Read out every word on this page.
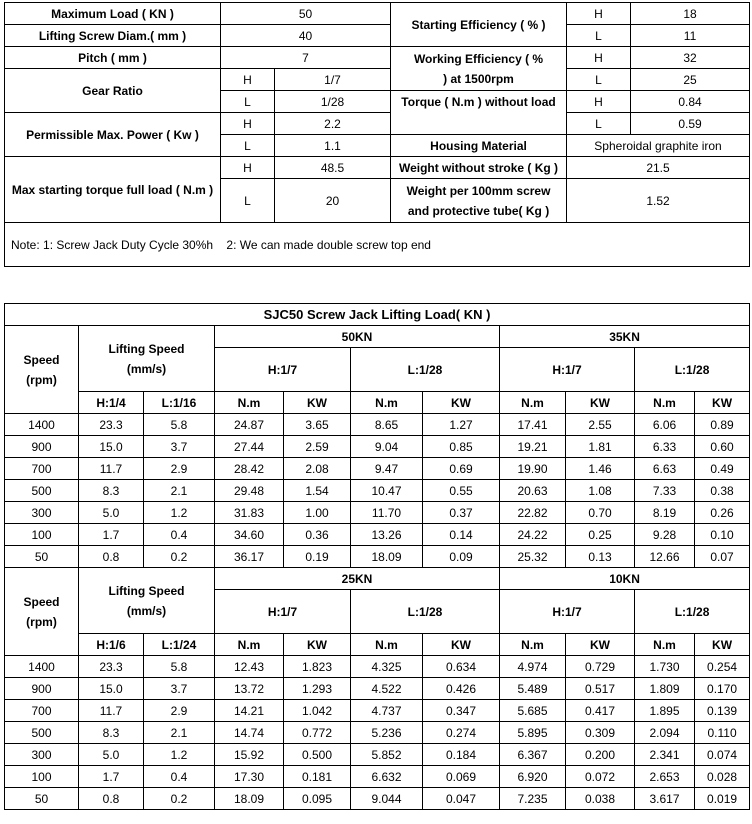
Maximum Load ( KN )	50		Starting Efficiency ( % )	H	18
Lifting Screw Diam.( mm )	40			L	11
Pitch ( mm )	7		Working Efficiency ( % ) at 1500rpm	H	32
Gear Ratio	H	1/7		L	25
	L	1/28	Torque ( N.m ) without load	H	0.84
Permissible Max. Power ( Kw )	H	2.2		L	0.59
	L	1.1	Housing Material	Spheroidal graphite iron	
Max starting torque full load ( N.m )	H	48.5	Weight without stroke ( Kg )	21.5	
	L	20	Weight per 100mm screw and protective tube( Kg )	1.52	

Note: 1: Screw Jack Duty Cycle 30%h    2: We can made double screw top end					
SJC50 Screw Jack Lifting Load( KN )										
Speed (rpm)	Lifting Speed (mm/s)		50KN				35KN			
			H:1/7		L:1/28		H:1/7		L:1/28	
	H:1/4	L:1/16	N.m	KW	N.m	KW	N.m	KW	N.m	KW
1400	23.3	5.8	24.87	3.65	8.65	1.27	17.41	2.55	6.06	0.89
900	15.0	3.7	27.44	2.59	9.04	0.85	19.21	1.81	6.33	0.60
700	11.7	2.9	28.42	2.08	9.47	0.69	19.90	1.46	6.63	0.49
500	8.3	2.1	29.48	1.54	10.47	0.55	20.63	1.08	7.33	0.38
300	5.0	1.2	31.83	1.00	11.70	0.37	22.82	0.70	8.19	0.26
100	1.7	0.4	34.60	0.36	13.26	0.14	24.22	0.25	9.28	0.10
50	0.8	0.2	36.17	0.19	18.09	0.09	25.32	0.13	12.66	0.07
Speed (rpm)	Lifting Speed (mm/s)		25KN				10KN			
			H:1/7		L:1/28		H:1/7		L:1/28	
	H:1/6	L:1/24	N.m	KW	N.m	KW	N.m	KW	N.m	KW
1400	23.3	5.8	12.43	1.823	4.325	0.634	4.974	0.729	1.730	0.254
900	15.0	3.7	13.72	1.293	4.522	0.426	5.489	0.517	1.809	0.170
700	11.7	2.9	14.21	1.042	4.737	0.347	5.685	0.417	1.895	0.139
500	8.3	2.1	14.74	0.772	5.236	0.274	5.895	0.309	2.094	0.110
300	5.0	1.2	15.92	0.500	5.852	0.184	6.367	0.200	2.341	0.074
100	1.7	0.4	17.30	0.181	6.632	0.069	6.920	0.072	2.653	0.028
50	0.8	0.2	18.09	0.095	9.044	0.047	7.235	0.038	3.617	0.019
